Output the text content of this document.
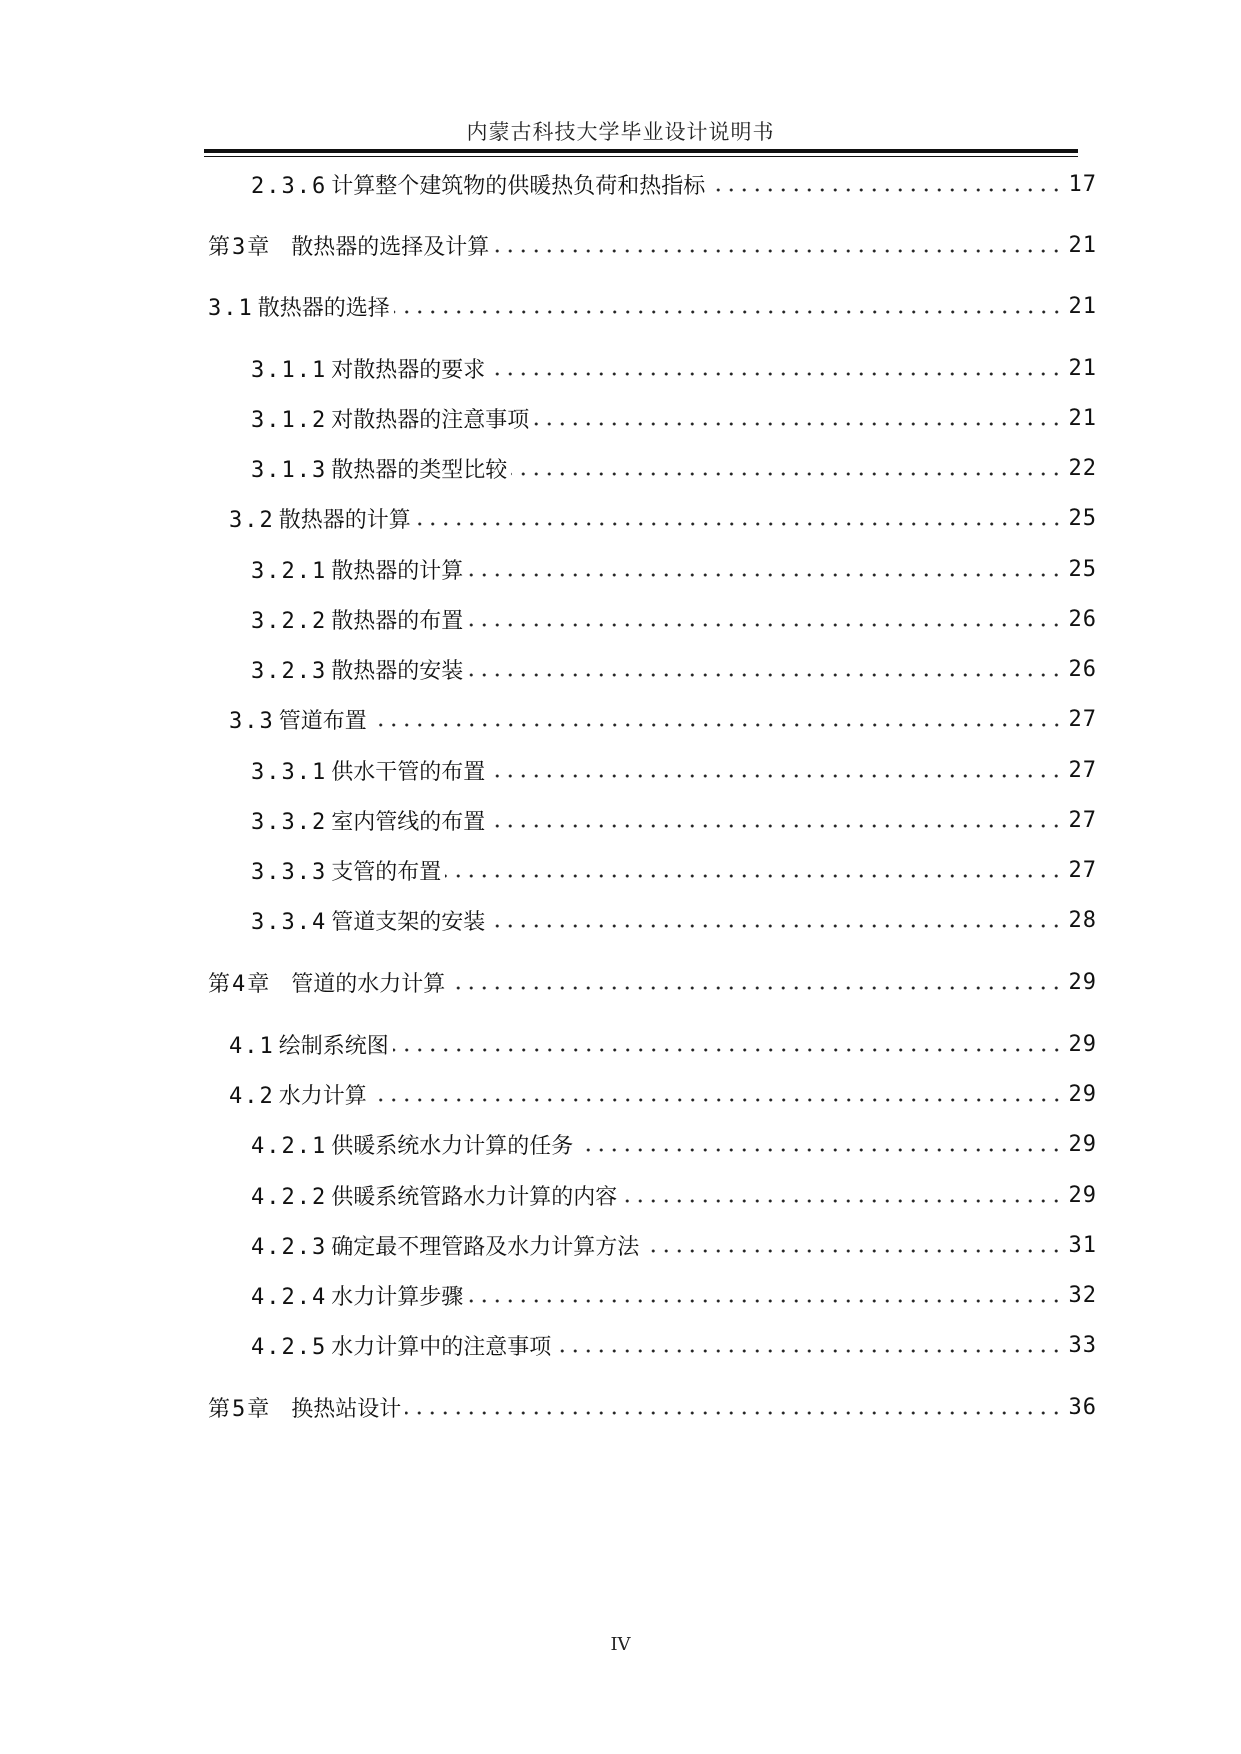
内蒙古科技大学毕业设计说明书
2.3.6 计算整个建筑物的供暖热负荷和热指标	17
第3章 散热器的选择及计算	21
3.1 散热器的选择	21
3.1.1 对散热器的要求	21
3.1.2 对散热器的注意事项	21
3.1.3 散热器的类型比较	22
3.2 散热器的计算	25
3.2.1 散热器的计算	25
3.2.2 散热器的布置	26
3.2.3 散热器的安装	26
3.3 管道布置	27
3.3.1 供水干管的布置	27
3.3.2 室内管线的布置	27
3.3.3 支管的布置	27
3.3.4 管道支架的安装	28
第4章 管道的水力计算	29
4.1 绘制系统图	29
4.2 水力计算	29
4.2.1 供暖系统水力计算的任务	29
4.2.2 供暖系统管路水力计算的内容	29
4.2.3 确定最不理管路及水力计算方法	31
4.2.4 水力计算步骤	32
4.2.5 水力计算中的注意事项	33
第5章 换热站设计	36
IV
